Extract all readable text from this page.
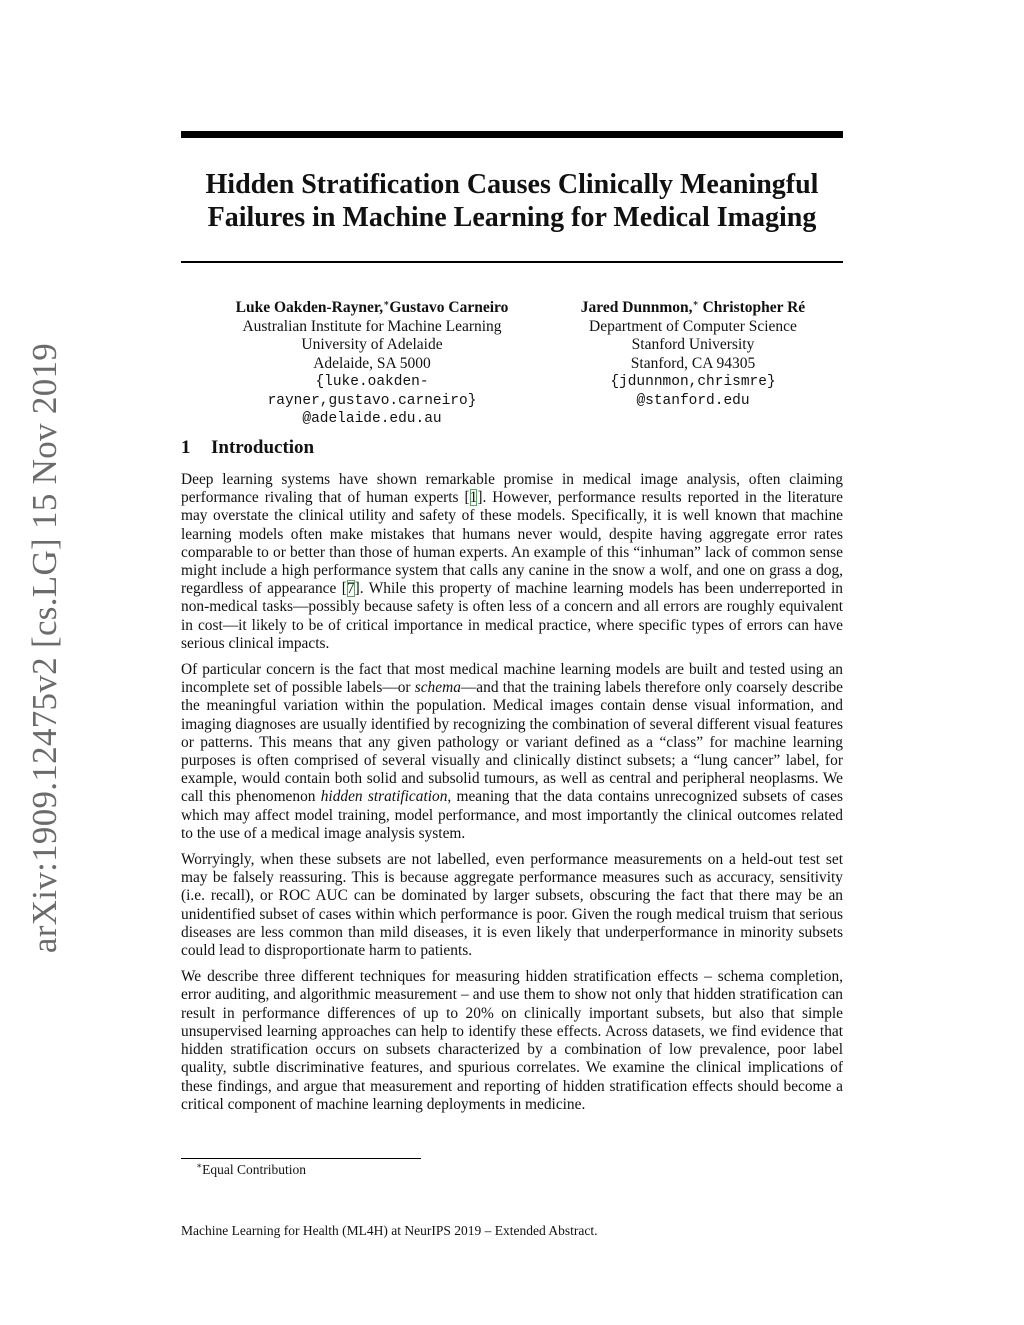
arXiv:1909.12475v2 [cs.LG] 15 Nov 2019
Hidden Stratification Causes Clinically Meaningful
Failures in Machine Learning for Medical Imaging
Luke Oakden-Rayner,∗Gustavo Carneiro
Australian Institute for Machine Learning
University of Adelaide
Adelaide, SA 5000
{luke.oakden-rayner,gustavo.carneiro}
@adelaide.edu.au
Jared Dunnmon,∗ Christopher Ré
Department of Computer Science
Stanford University
Stanford, CA 94305
{jdunnmon,chrismre}
@stanford.edu
1 Introduction

Deep learning systems have shown remarkable promise in medical image analysis, often claiming performance rivaling that of human experts [1]. However, performance results reported in the literature may overstate the clinical utility and safety of these models. Specifically, it is well known that machine learning models often make mistakes that humans never would, despite having aggregate error rates comparable to or better than those of human experts. An example of this “inhuman” lack of common sense might include a high performance system that calls any canine in the snow a wolf, and one on grass a dog, regardless of appearance [7]. While this property of machine learning models has been underreported in non-medical tasks—possibly because safety is often less of a concern and all errors are roughly equivalent in cost—it likely to be of critical importance in medical practice, where specific types of errors can have serious clinical impacts.

Of particular concern is the fact that most medical machine learning models are built and tested using an incomplete set of possible labels—or schema—and that the training labels therefore only coarsely describe the meaningful variation within the population. Medical images contain dense visual information, and imaging diagnoses are usually identified by recognizing the combination of several different visual features or patterns. This means that any given pathology or variant defined as a “class” for machine learning purposes is often comprised of several visually and clinically distinct subsets; a “lung cancer” label, for example, would contain both solid and subsolid tumours, as well as central and peripheral neoplasms. We call this phenomenon hidden stratification, meaning that the data contains unrecognized subsets of cases which may affect model training, model performance, and most importantly the clinical outcomes related to the use of a medical image analysis system.

Worryingly, when these subsets are not labelled, even performance measurements on a held-out test set may be falsely reassuring. This is because aggregate performance measures such as accuracy, sensitivity (i.e. recall), or ROC AUC can be dominated by larger subsets, obscuring the fact that there may be an unidentified subset of cases within which performance is poor. Given the rough medical truism that serious diseases are less common than mild diseases, it is even likely that underperformance in minority subsets could lead to disproportionate harm to patients.

We describe three different techniques for measuring hidden stratification effects – schema completion, error auditing, and algorithmic measurement – and use them to show not only that hidden stratification can result in performance differences of up to 20% on clinically important subsets, but also that simple unsupervised learning approaches can help to identify these effects. Across datasets, we find evidence that hidden stratification occurs on subsets characterized by a combination of low prevalence, poor label quality, subtle discriminative features, and spurious correlates. We examine the clinical implications of these findings, and argue that measurement and reporting of hidden stratification effects should become a critical component of machine learning deployments in medicine.

∗Equal Contribution
Machine Learning for Health (ML4H) at NeurIPS 2019 – Extended Abstract.
